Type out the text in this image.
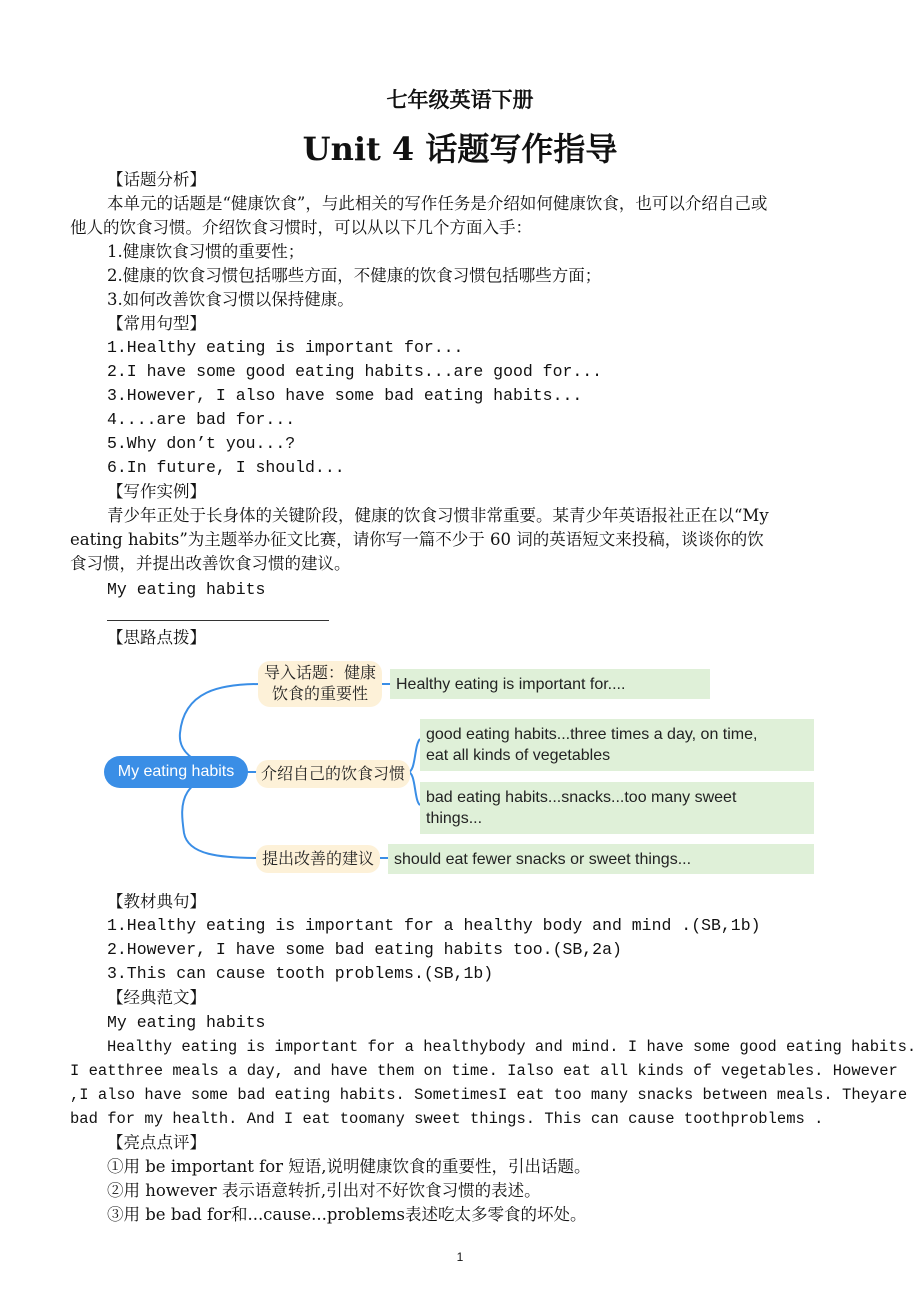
七年级英语下册
Unit 4 话题写作指导
【话题分析】
本单元的话题是“健康饮食”，与此相关的写作任务是介绍如何健康饮食，也可以介绍自己或
他人的饮食习惯。介绍饮食习惯时，可以从以下几个方面入手：
1.健康饮食习惯的重要性；
2.健康的饮食习惯包括哪些方面，不健康的饮食习惯包括哪些方面；
3.如何改善饮食习惯以保持健康。
【常用句型】
1.Healthy eating is important for...
2.I have some good eating habits...are good for...
3.However, I also have some bad eating habits...
4....are bad for...
5.Why don’t you...?
6.In future, I should...
【写作实例】
青少年正处于长身体的关键阶段，健康的饮食习惯非常重要。某青少年英语报社正在以“My
eating habits”为主题举办征文比赛，请你写一篇不少于 60 词的英语短文来投稿，谈谈你的饮
食习惯，并提出改善饮食习惯的建议。
My eating habits
【思路点拨】
My eating habits
导入话题：健康
饮食的重要性
Healthy eating is important for....
介绍自己的饮食习惯
good eating habits...three times a day, on time,
eat all kinds of vegetables
bad eating habits...snacks...too many sweet
things...
提出改善的建议	should eat fewer snacks or sweet things...
【教材典句】
1.Healthy eating is important for a healthy body and mind .(SB,1b)
2.However, I have some bad eating habits too.(SB,2a)
3.This can cause tooth problems.(SB,1b)
【经典范文】
My eating habits
Healthy eating is important for a healthybody and mind. I have some good eating habits.
I eatthree meals a day, and have them on time. Ialso eat all kinds of vegetables. However
,I also have some bad eating habits. SometimesI eat too many snacks between meals. Theyare
bad for my health. And I eat toomany sweet things. This can cause toothproblems .
【亮点点评】
①用 be important for 短语,说明健康饮食的重要性，引出话题。
②用 however 表示语意转折,引出对不好饮食习惯的表述。
③用 be bad for和...cause...problems表述吃太多零食的坏处。
1
